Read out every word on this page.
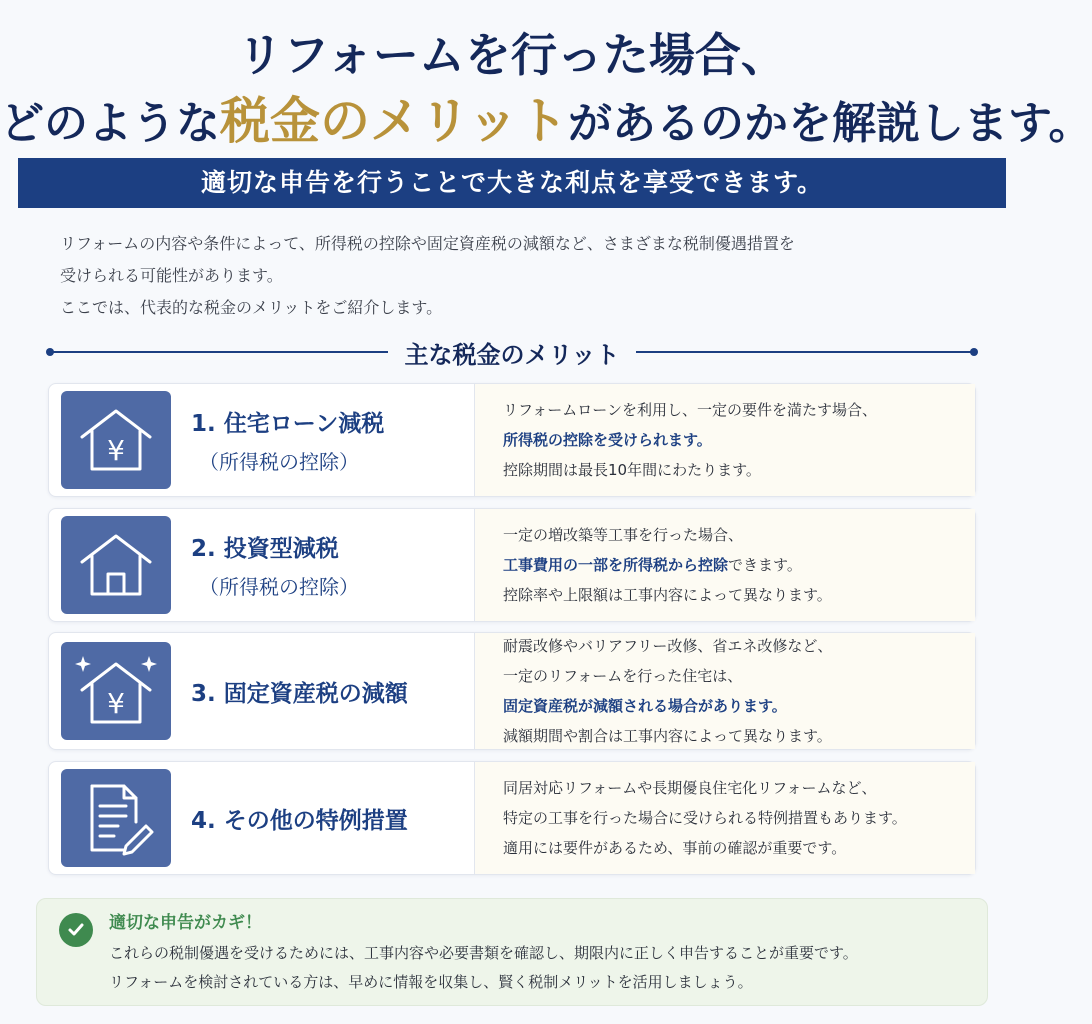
リフォームを行った場合、
どのような税金のメリットがあるのかを解説します。
適切な申告を行うことで大きな利点を享受できます。
リフォームの内容や条件によって、所得税の控除や固定資産税の減額など、さまざまな税制優遇措置を
受けられる可能性があります。
ここでは、代表的な税金のメリットをご紹介します。
主な税金のメリット
¥
1. 住宅ローン減税
（所得税の控除）
リフォームローンを利用し、一定の要件を満たす場合、
所得税の控除を受けられます。
控除期間は最長10年間にわたります。
2. 投資型減税
（所得税の控除）
一定の増改築等工事を行った場合、
工事費用の一部を所得税から控除できます。
控除率や上限額は工事内容によって異なります。
¥	3. 固定資産税の減額
耐震改修やバリアフリー改修、省エネ改修など、
一定のリフォームを行った住宅は、
固定資産税が減額される場合があります。
減額期間や割合は工事内容によって異なります。
4. その他の特例措置
同居対応リフォームや長期優良住宅化リフォームなど、
特定の工事を行った場合に受けられる特例措置もあります。
適用には要件があるため、事前の確認が重要です。
適切な申告がカギ！
これらの税制優遇を受けるためには、工事内容や必要書類を確認し、期限内に正しく申告することが重要です。
リフォームを検討されている方は、早めに情報を収集し、賢く税制メリットを活用しましょう。
